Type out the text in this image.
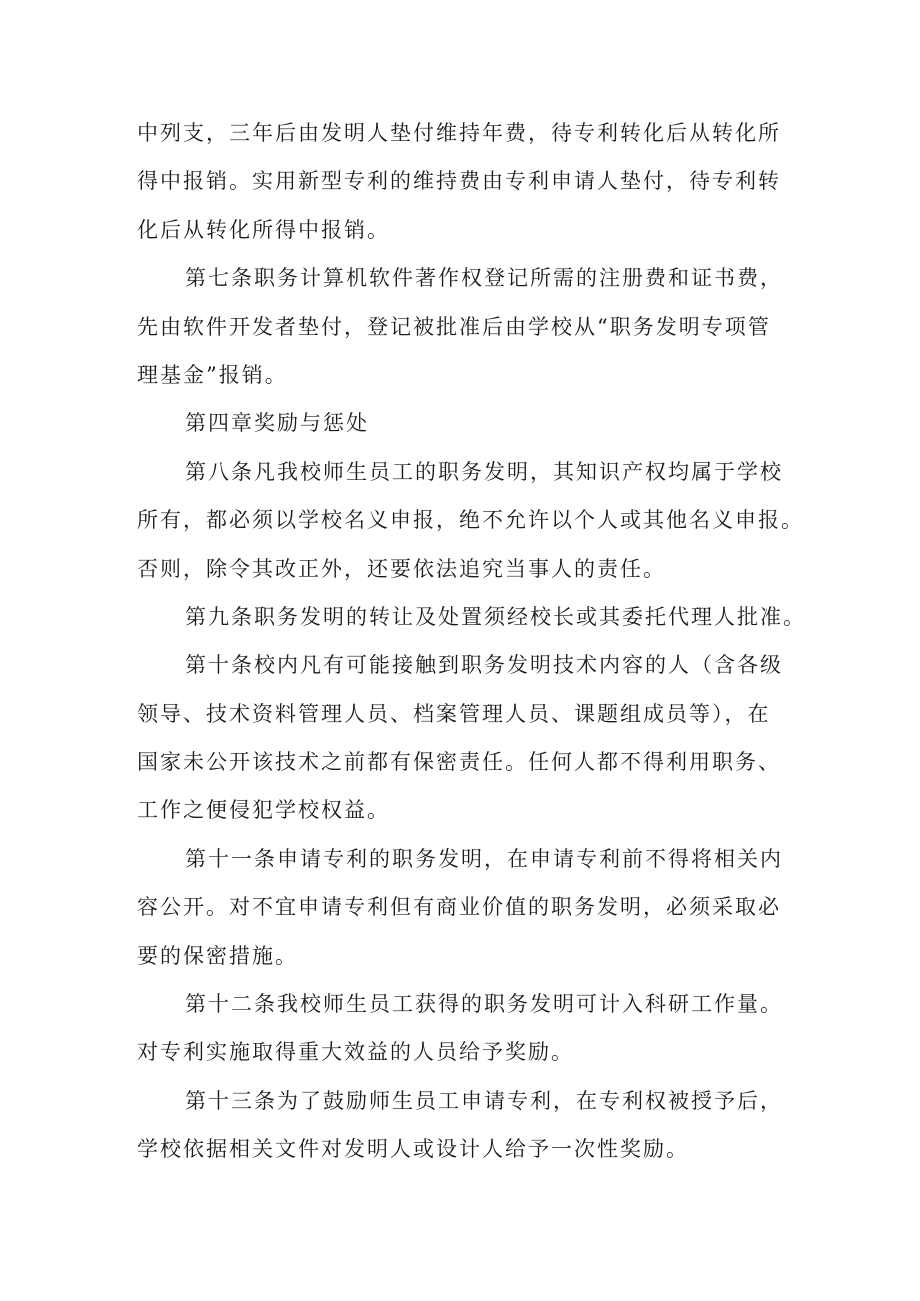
中列支，三年后由发明人垫付维持年费，待专利转化后从转化所
得中报销。实用新型专利的维持费由专利申请人垫付，待专利转
化后从转化所得中报销。
第七条职务计算机软件著作权登记所需的注册费和证书费，
先由软件开发者垫付，登记被批准后由学校从“职务发明专项管
理基金”报销。
第四章奖励与惩处
第八条凡我校师生员工的职务发明，其知识产权均属于学校
所有，都必须以学校名义申报，绝不允许以个人或其他名义申报。
否则，除令其改正外，还要依法追究当事人的责任。
第九条职务发明的转让及处置须经校长或其委托代理人批准。
第十条校内凡有可能接触到职务发明技术内容的人（含各级
领导、技术资料管理人员、档案管理人员、课题组成员等），在
国家未公开该技术之前都有保密责任。任何人都不得利用职务、
工作之便侵犯学校权益。
第十一条申请专利的职务发明，在申请专利前不得将相关内
容公开。对不宜申请专利但有商业价值的职务发明，必须采取必
要的保密措施。
第十二条我校师生员工获得的职务发明可计入科研工作量。
对专利实施取得重大效益的人员给予奖励。
第十三条为了鼓励师生员工申请专利，在专利权被授予后，
学校依据相关文件对发明人或设计人给予一次性奖励。
